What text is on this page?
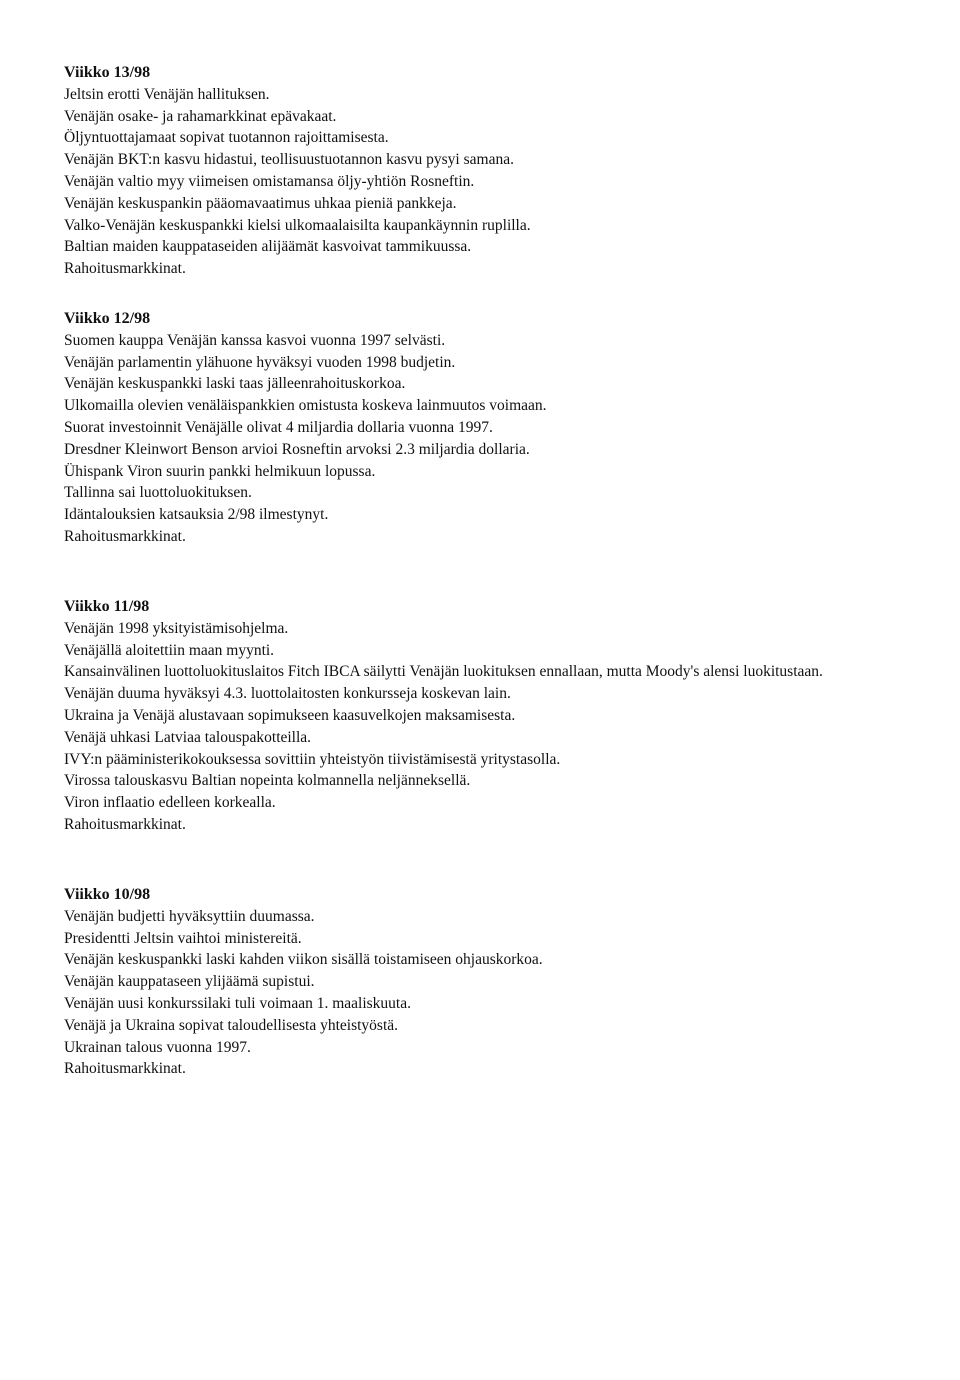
Viikko 13/98
Jeltsin erotti Venäjän hallituksen.
Venäjän osake- ja rahamarkkinat epävakaat.
Öljyntuottajamaat sopivat tuotannon rajoittamisesta.
Venäjän BKT:n kasvu hidastui, teollisuustuotannon kasvu pysyi samana.
Venäjän valtio myy viimeisen omistamansa öljy-yhtiön Rosneftin.
Venäjän keskuspankin pääomavaatimus uhkaa pieniä pankkeja.
Valko-Venäjän keskuspankki kielsi ulkomaalaisilta kaupankäynnin ruplilla.
Baltian maiden kauppataseiden alijäämät kasvoivat tammikuussa.
Rahoitusmarkkinat.
Viikko 12/98
Suomen kauppa Venäjän kanssa kasvoi vuonna 1997 selvästi.
Venäjän parlamentin ylähuone hyväksyi vuoden 1998 budjetin.
Venäjän keskuspankki laski taas jälleenrahoituskorkoa.
Ulkomailla olevien venäläispankkien omistusta koskeva lainmuutos voimaan.
Suorat investoinnit Venäjälle olivat 4 miljardia dollaria vuonna 1997.
Dresdner Kleinwort Benson arvioi Rosneftin arvoksi 2.3 miljardia dollaria.
Ühispank Viron suurin pankki helmikuun lopussa.
Tallinna sai luottoluokituksen.
Idäntalouksien katsauksia 2/98 ilmestynyt.
Rahoitusmarkkinat.
Viikko 11/98
Venäjän 1998 yksityistämisohjelma.
Venäjällä aloitettiin maan myynti.
Kansainvälinen luottoluokituslaitos Fitch IBCA säilytti Venäjän luokituksen ennallaan, mutta Moody's alensi luokitustaan.
Venäjän duuma hyväksyi 4.3. luottolaitosten konkursseja koskevan lain.
Ukraina ja Venäjä alustavaan sopimukseen kaasuvelkojen maksamisesta.
Venäjä uhkasi Latviaa talouspakotteilla.
IVY:n pääministerikokouksessa sovittiin yhteistyön tiivistämisestä yritystasolla.
Virossa talouskasvu Baltian nopeinta kolmannella neljänneksellä.
Viron inflaatio edelleen korkealla.
Rahoitusmarkkinat.
Viikko 10/98
Venäjän budjetti hyväksyttiin duumassa.
Presidentti Jeltsin vaihtoi ministereitä.
Venäjän keskuspankki laski kahden viikon sisällä toistamiseen ohjauskorkoa.
Venäjän kauppataseen ylijäämä supistui.
Venäjän uusi konkurssilaki tuli voimaan 1. maaliskuuta.
Venäjä ja Ukraina sopivat taloudellisesta yhteistyöstä.
Ukrainan talous vuonna 1997.
Rahoitusmarkkinat.
